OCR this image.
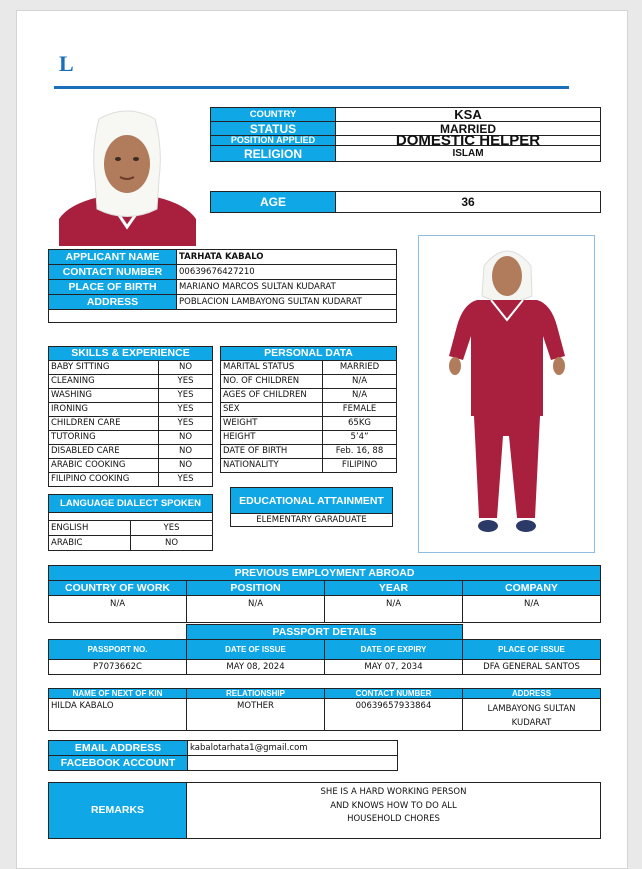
L
COUNTRY	KSA
STATUS	MARRIED
POSITION APPLIED	DOMESTIC HELPER
RELIGION	ISLAM
AGE	36
APPLICANT NAME	TARHATA KABALO
CONTACT NUMBER	00639676427210
PLACE OF BIRTH	MARIANO MARCOS SULTAN KUDARAT
ADDRESS	POBLACION LAMBAYONG SULTAN KUDARAT

SKILLS & EXPERIENCE	
BABY SITTING	NO
CLEANING	YES
WASHING	YES
IRONING	YES
CHILDREN CARE	YES
TUTORING	NO
DISABLED CARE	NO
ARABIC COOKING	NO
FILIPINO COOKING	YES
PERSONAL DATA	
MARITAL STATUS	MARRIED
NO. OF CHILDREN	N/A
AGES OF CHILDREN	N/A
SEX	FEMALE
WEIGHT	65KG
HEIGHT	5’4”
DATE OF BIRTH	Feb. 16, 88
NATIONALITY	FILIPINO
LANGUAGE DIALECT SPOKEN	

ENGLISH	YES
ARABIC	NO
EDUCATIONAL ATTAINMENT
ELEMENTARY GARADUATE
PREVIOUS EMPLOYMENT ABROAD			
COUNTRY OF WORK	POSITION	YEAR	COMPANY
N/A	N/A	N/A	N/A
	PASSPORT DETAILS		
PASSPORT NO.	DATE OF ISSUE	DATE OF EXPIRY	PLACE OF ISSUE
P7073662C	MAY 08, 2024	MAY 07, 2034	DFA GENERAL SANTOS
NAME OF NEXT OF KIN	RELATIONSHIP	CONTACT NUMBER	ADDRESS
HILDA KABALO	MOTHER	00639657933864	LAMBAYONG SULTAN
KUDARAT
EMAIL ADDRESS	kabalotarhata1@gmail.com
FACEBOOK ACCOUNT	
REMARKS	
SHE IS A HARD WORKING PERSON
AND KNOWS HOW TO DO ALL
HOUSEHOLD CHORES
